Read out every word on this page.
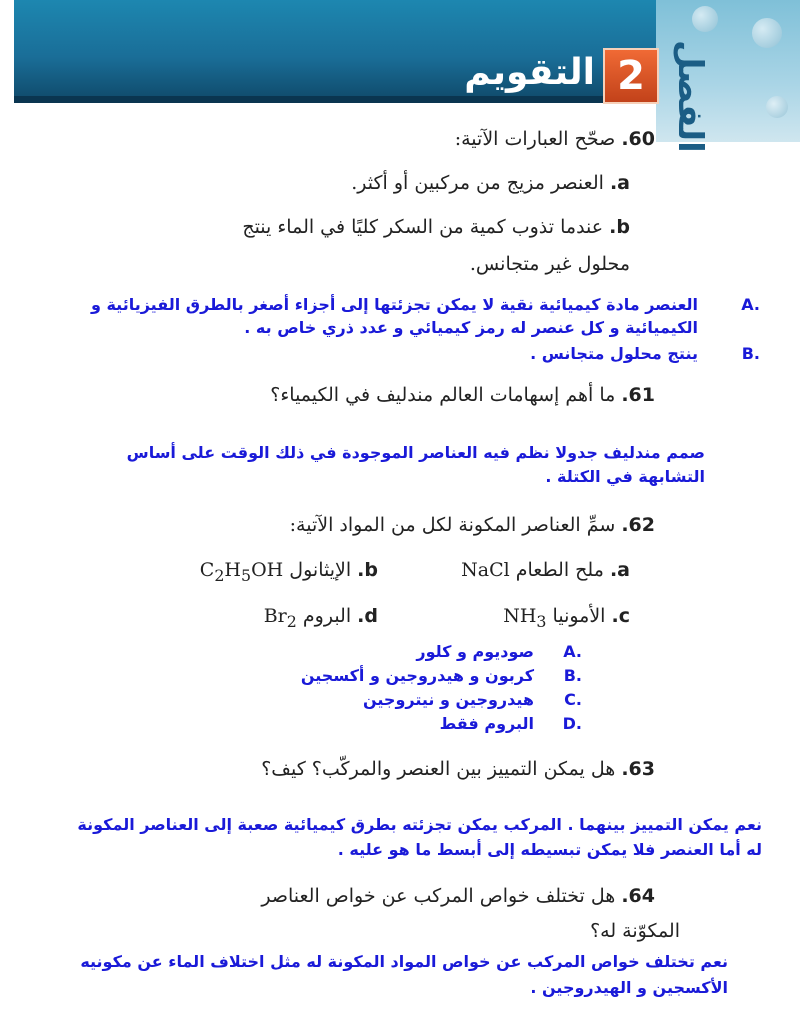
الفصل
2
التقويم
60. صحّح العبارات الآتية:
a. العنصر مزيج من مركبين أو أكثر.
b. عندما تذوب كمية من السكر كليًا في الماء ينتج
محلول غير متجانس.
العنصر مادة كيميائية نقية لا يمكن تجزئتها إلى أجزاء أصغر بالطرق الفيزيائية و	A.
الكيميائية و كل عنصر له رمز كيميائي و عدد ذري خاص به .
ينتج محلول متجانس .	B.
61. ما أهم إسهامات العالم مندليف في الكيمياء؟
صمم مندليف جدولا نظم فيه العناصر الموجودة في ذلك الوقت على أساس
التشابهة في الكتلة .
62. سمِّ العناصر المكونة لكل من المواد الآتية:
a. ملح الطعام NaCl
b. الإيثانول $C_2H_5OH$
c. الأمونيا $NH_3$
d. البروم $Br_2$
صوديوم و كلور A.
كربون و هيدروجين و أكسجين B.
هيدروجين و نيتروجين C.
البروم فقط D.
63. هل يمكن التمييز بين العنصر والمركّب؟ كيف؟
نعم يمكن التمييز بينهما . المركب يمكن تجزئته بطرق كيميائية صعبة إلى العناصر المكونة
له أما العنصر فلا يمكن تبسيطه إلى أبسط ما هو عليه .
64. هل تختلف خواص المركب عن خواص العناصر
المكوّنة له؟
نعم تختلف خواص المركب عن خواص المواد المكونة له مثل اختلاف الماء عن مكونيه
الأكسجين و الهيدروجين .
